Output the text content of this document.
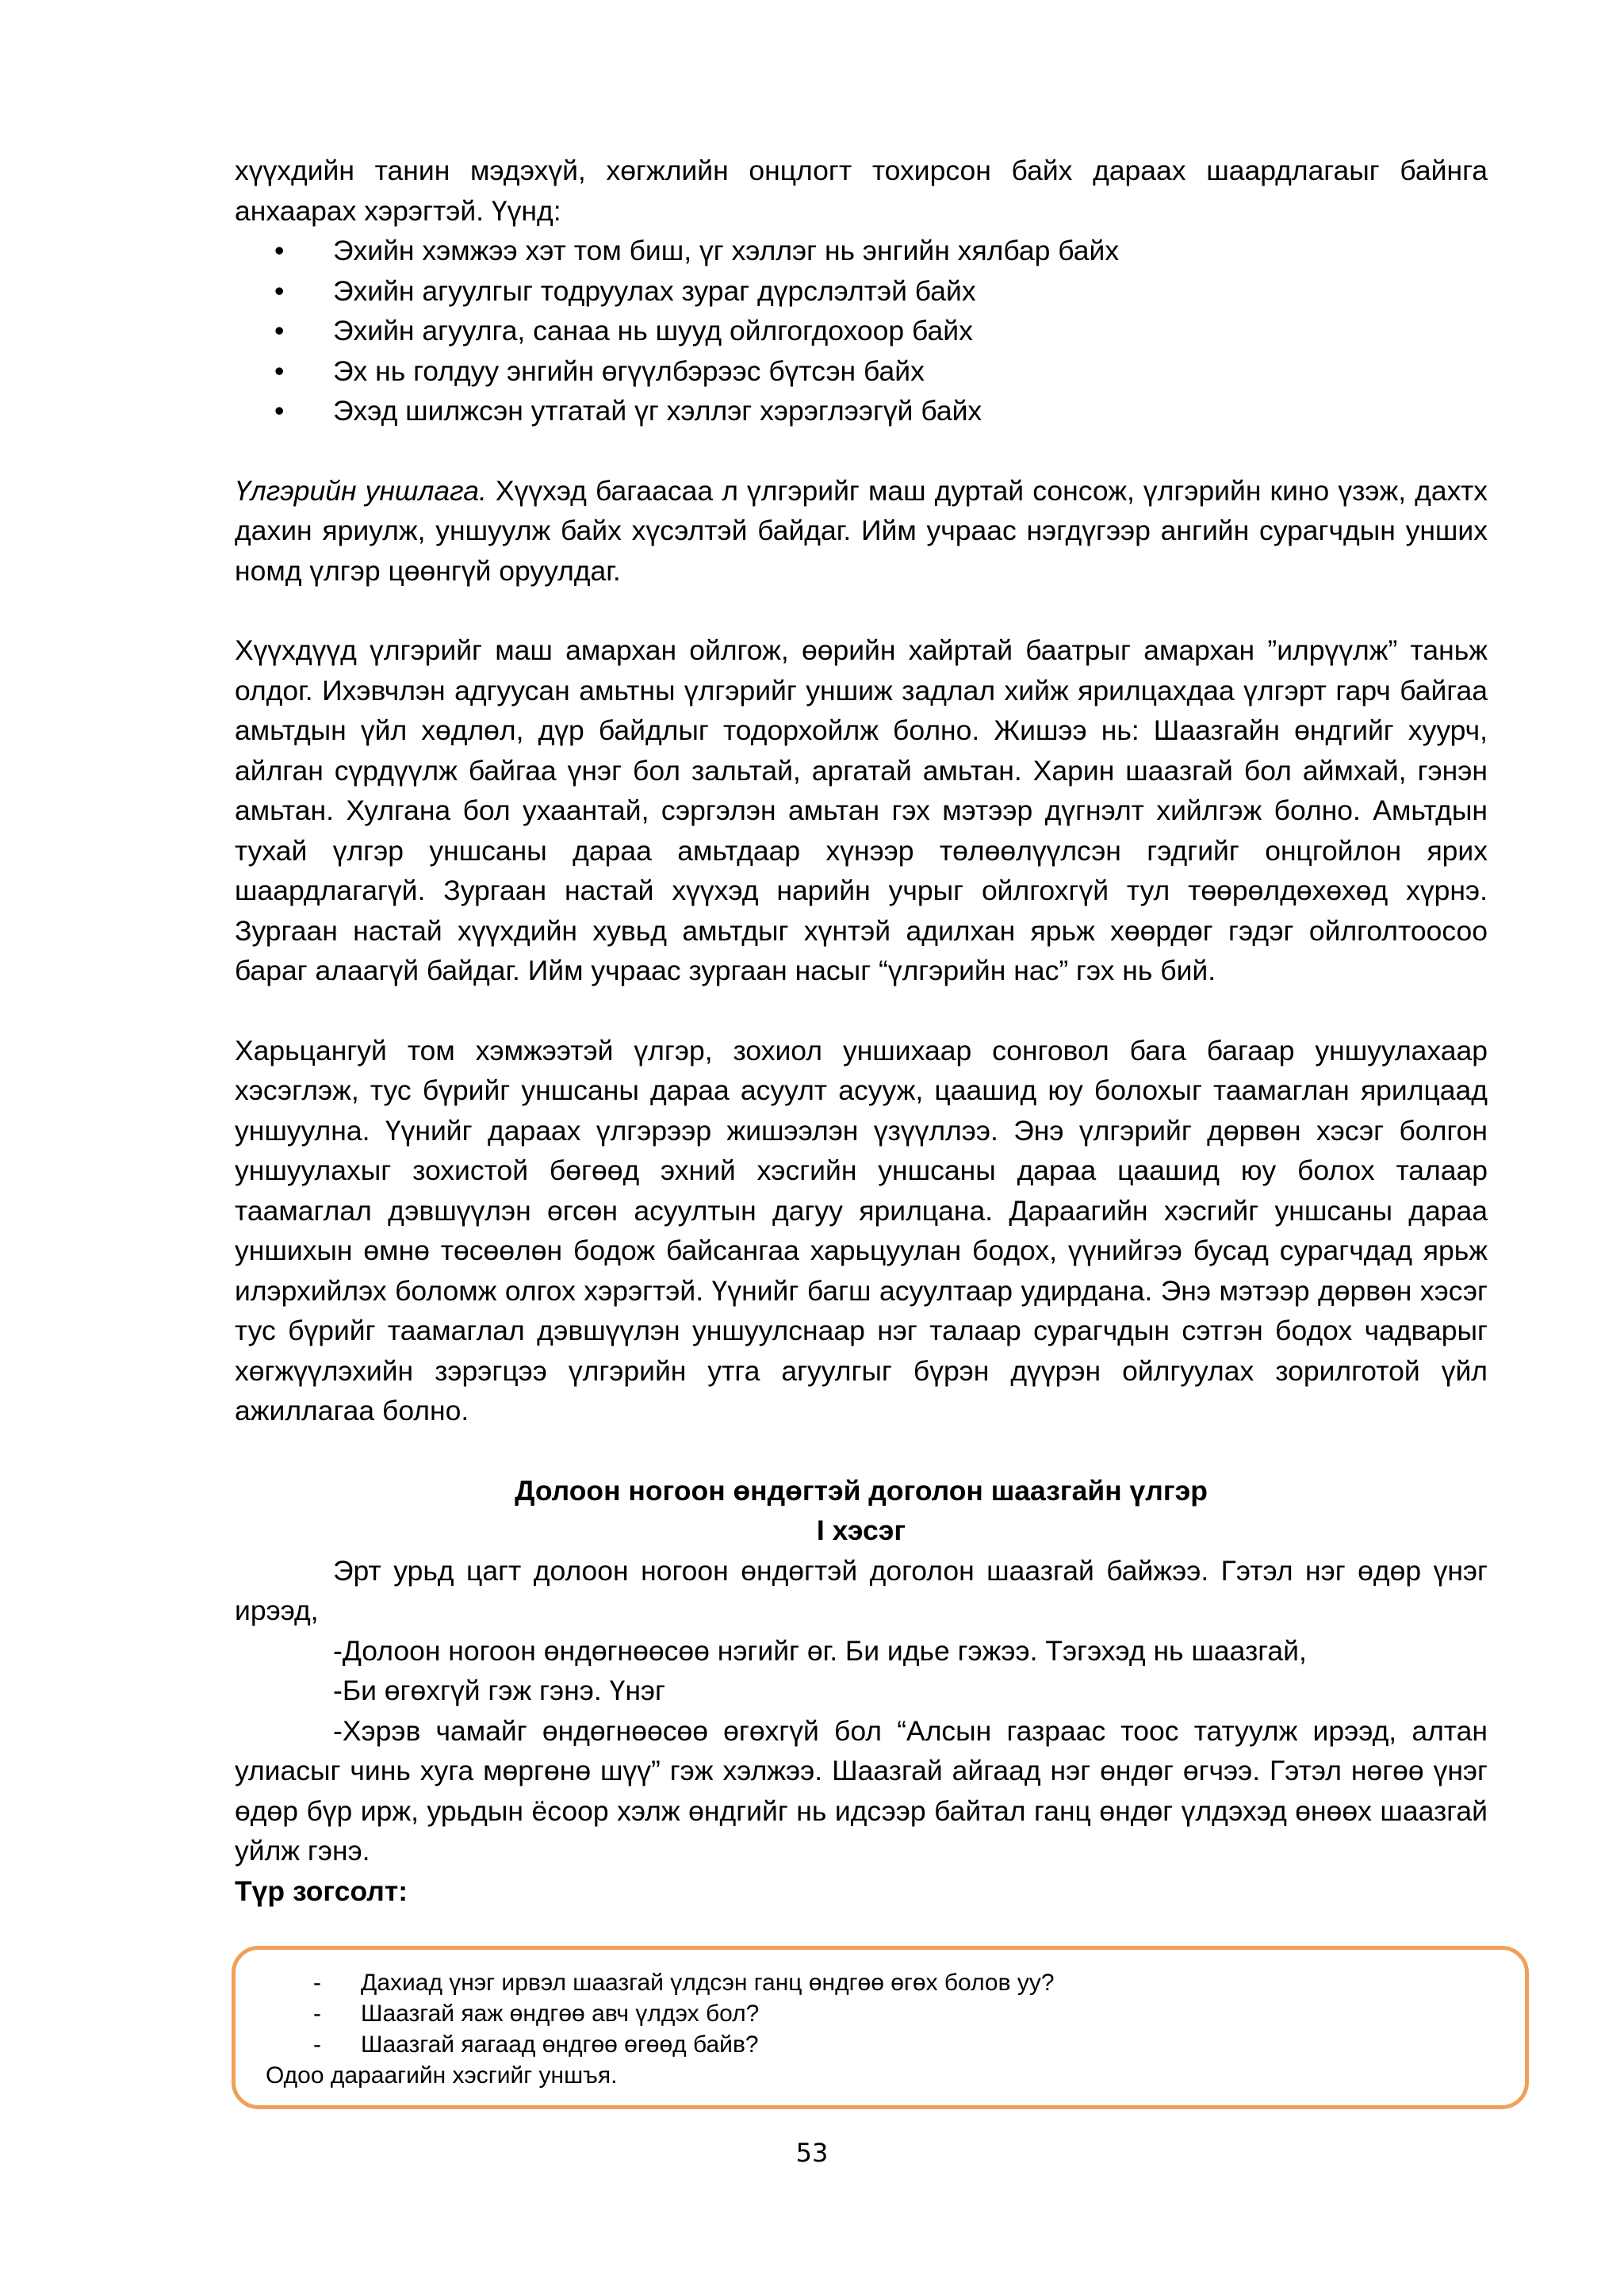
хүүхдийн танин мэдэхүй, хөгжлийн онцлогт тохирсон байх дараах шаардлагаыг байнга анхаарах хэрэгтэй. Үүнд:

• Эхийн хэмжээ хэт том биш, үг хэллэг нь энгийн хялбар байх
• Эхийн агуулгыг тодруулах зураг дүрслэлтэй байх
• Эхийн агуулга, санаа нь шууд ойлгогдохоор байх
• Эх нь голдуу энгийн өгүүлбэрээс бүтсэн байх
• Эхэд шилжсэн утгатай үг хэллэг хэрэглээгүй байх

Үлгэрийн уншлага. Хүүхэд багаасаа л үлгэрийг маш дуртай сонсож, үлгэрийн кино үзэж, дахтх дахин яриулж, уншуулж байх хүсэлтэй байдаг. Ийм учраас нэгдүгээр ангийн сурагчдын унших номд үлгэр цөөнгүй оруулдаг.

Хүүхдүүд үлгэрийг маш амархан ойлгож, өөрийн хайртай баатрыг амархан ”илрүүлж” таньж олдог. Ихэвчлэн адгуусан амьтны үлгэрийг уншиж задлал хийж ярилцахдаа үлгэрт гарч байгаа амьтдын үйл хөдлөл, дүр байдлыг тодорхойлж болно. Жишээ нь: Шаазгайн өндгийг хуурч, айлган сүрдүүлж байгаа үнэг бол зальтай, аргатай амьтан. Харин шаазгай бол аймхай, гэнэн амьтан. Хулгана бол ухаантай, сэргэлэн амьтан гэх мэтээр дүгнэлт хийлгэж болно. Амьтдын тухай үлгэр уншсаны дараа амьтдаар хүнээр төлөөлүүлсэн гэдгийг онцгойлон ярих шаардлагагүй. Зургаан настай хүүхэд нарийн учрыг ойлгохгүй тул төөрөлдөхөхөд хүрнэ. Зургаан настай хүүхдийн хувьд амьтдыг хүнтэй адилхан ярьж хөөрдөг гэдэг ойлголтоосоо бараг алаагүй байдаг. Ийм учраас зургаан насыг “үлгэрийн нас” гэх нь бий.

Харьцангуй том хэмжээтэй үлгэр, зохиол уншихаар сонговол бага багаар уншуулахаар хэсэглэж, тус бүрийг уншсаны дараа асуулт асууж, цаашид юу болохыг таамаглан ярилцаад уншуулна. Үүнийг дараах үлгэрээр жишээлэн үзүүллээ. Энэ үлгэрийг дөрвөн хэсэг болгон уншуулахыг зохистой бөгөөд эхний хэсгийн уншсаны дараа цаашид юу болох талаар таамаглал дэвшүүлэн өгсөн асуултын дагуу ярилцана. Дараагийн хэсгийг уншсаны дараа уншихын өмнө төсөөлөн бодож байсангаа харьцуулан бодох, үүнийгээ бусад сурагчдад ярьж илэрхийлэх боломж олгох хэрэгтэй. Үүнийг багш асуултаар удирдана. Энэ мэтээр дөрвөн хэсэг тус бүрийг таамаглал дэвшүүлэн уншуулснаар нэг талаар сурагчдын сэтгэн бодох чадварыг хөгжүүлэхийн зэрэгцээ үлгэрийн утга агуулгыг бүрэн дүүрэн ойлгуулах зорилготой үйл ажиллагаа болно.

Долоон ногоон өндөгтэй доголон шаазгайн үлгэр

I хэсэг

Эрт урьд цагт долоон ногоон өндөгтэй доголон шаазгай байжээ. Гэтэл нэг өдөр үнэг ирээд,

-Долоон ногоон өндөгнөөсөө нэгийг өг. Би идье гэжээ. Тэгэхэд нь шаазгай,

-Би өгөхгүй гэж гэнэ. Үнэг

-Хэрэв чамайг өндөгнөөсөө өгөхгүй бол “Алсын газраас тоос татуулж ирээд, алтан улиасыг чинь хуга мөргөнө шүү” гэж хэлжээ. Шаазгай айгаад нэг өндөг өгчээ. Гэтэл нөгөө үнэг өдөр бүр ирж, урьдын ёсоор хэлж өндгийг нь идсээр байтал ганц өндөг үлдэхэд өнөөх шаазгай уйлж гэнэ.

Түр зогсолт:

- Дахиад үнэг ирвэл шаазгай үлдсэн ганц өндгөө өгөх болов уу?
- Шаазгай яаж өндгөө авч үлдэх бол?
- Шаазгай яагаад өндгөө өгөөд байв?
Одоо дараагийн хэсгийг уншъя.
53
